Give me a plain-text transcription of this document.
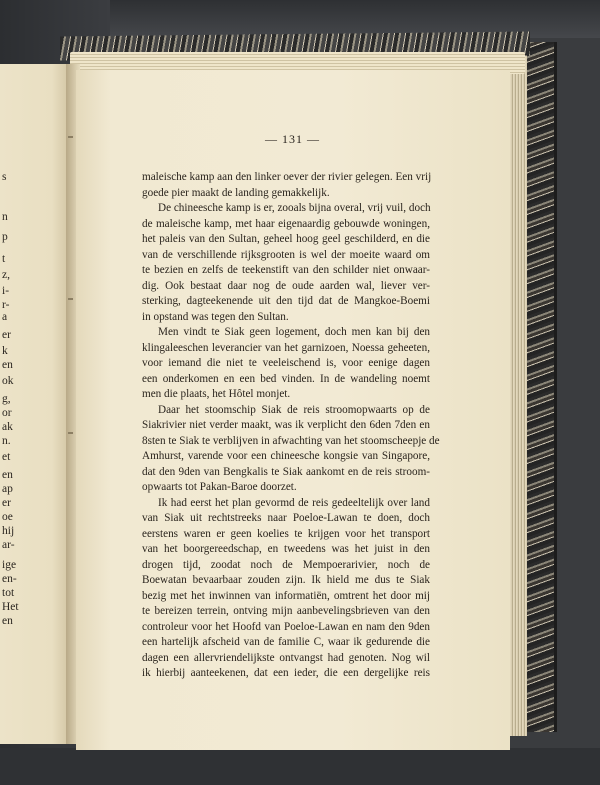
s
n
p
t
z,
i-
r-
a
er
k
en
ok
g,
or
ak
n.
et
en
ap
er
oe
hij
ar-
ige
en-
tot
Het
en
— 131 —
maleische kamp aan den linker oever der rivier gelegen. Een vrij
goede pier maakt de landing gemakkelijk.
De chineesche kamp is er, zooals bijna overal, vrij vuil, doch
de maleische kamp, met haar eigenaardig gebouwde woningen,
het paleis van den Sultan, geheel hoog geel geschilderd, en die
van de verschillende rijksgrooten is wel der moeite waard om
te bezien en zelfs de teekenstift van den schilder niet onwaar-
dig. Ook bestaat daar nog de oude aarden wal, liever ver-
sterking, dagteekenende uit den tijd dat de Mangkoe-Boemi
in opstand was tegen den Sultan.
Men vindt te Siak geen logement, doch men kan bij den
klingaleeschen leverancier van het garnizoen, Noessa geheeten,
voor iemand die niet te veeleischend is, voor eenige dagen
een onderkomen en een bed vinden. In de wandeling noemt
men die plaats, het Hôtel monjet.
Daar het stoomschip Siak de reis stroomopwaarts op de
Siakrivier niet verder maakt, was ik verplicht den 6den 7den en
8sten te Siak te verblijven in afwachting van het stoomscheepje de
Amhurst, varende voor een chineesche kongsie van Singapore,
dat den 9den van Bengkalis te Siak aankomt en de reis stroom-
opwaarts tot Pakan-Baroe doorzet.
Ik had eerst het plan gevormd de reis gedeeltelijk over land
van Siak uit rechtstreeks naar Poeloe-Lawan te doen, doch
eerstens waren er geen koelies te krijgen voor het transport
van het boorgereedschap, en tweedens was het juist in den
drogen tijd, zoodat noch de Mempoerarivier, noch de
Boewatan bevaarbaar zouden zijn. Ik hield me dus te Siak
bezig met het inwinnen van informatiën, omtrent het door mij
te bereizen terrein, ontving mijn aanbevelingsbrieven van den
controleur voor het Hoofd van Poeloe-Lawan en nam den 9den
een hartelijk afscheid van de familie C, waar ik gedurende die
dagen een allervriendelijkste ontvangst had genoten. Nog wil
ik hierbij aanteekenen, dat een ieder, die een dergelijke reis
